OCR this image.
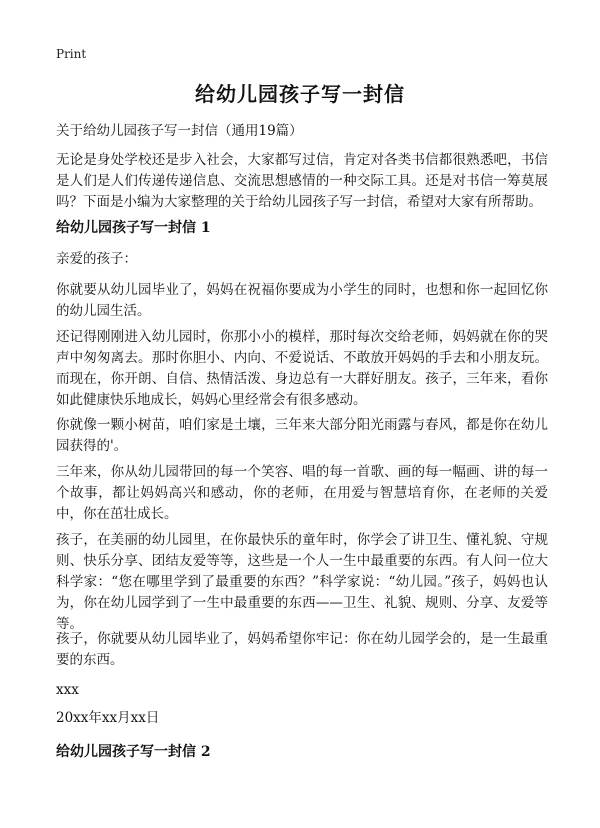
Print
给幼儿园孩子写一封信

关于给幼儿园孩子写一封信（通用19篇）

无论是身处学校还是步入社会，大家都写过信，肯定对各类书信都很熟悉吧，书信是人们是人们传递传递信息、交流思想感情的一种交际工具。还是对书信一筹莫展吗？下面是小编为大家整理的关于给幼儿园孩子写一封信，希望对大家有所帮助。

给幼儿园孩子写一封信 1

亲爱的孩子：

你就要从幼儿园毕业了，妈妈在祝福你要成为小学生的同时，也想和你一起回忆你的幼儿园生活。

还记得刚刚进入幼儿园时，你那小小的模样，那时每次交给老师，妈妈就在你的哭声中匆匆离去。那时你胆小、内向、不爱说话、不敢放开妈妈的手去和小朋友玩。而现在，你开朗、自信、热情活泼、身边总有一大群好朋友。孩子，三年来，看你如此健康快乐地成长，妈妈心里经常会有很多感动。

你就像一颗小树苗，咱们家是土壤，三年来大部分阳光雨露与春风，都是你在幼儿园获得的'。

三年来，你从幼儿园带回的每一个笑容、唱的每一首歌、画的每一幅画、讲的每一个故事，都让妈妈高兴和感动，你的老师，在用爱与智慧培育你，在老师的关爱中，你在茁壮成长。

孩子，在美丽的幼儿园里，在你最快乐的童年时，你学会了讲卫生、懂礼貌、守规则、快乐分享、团结友爱等等，这些是一个人一生中最重要的东西。有人问一位大科学家：“您在哪里学到了最重要的东西？”科学家说：“幼儿园。”孩子，妈妈也认为，你在幼儿园学到了一生中最重要的东西——卫生、礼貌、规则、分享、友爱等等。

孩子，你就要从幼儿园毕业了，妈妈希望你牢记：你在幼儿园学会的，是一生最重要的东西。

xxx

20xx年xx月xx日

给幼儿园孩子写一封信 2
